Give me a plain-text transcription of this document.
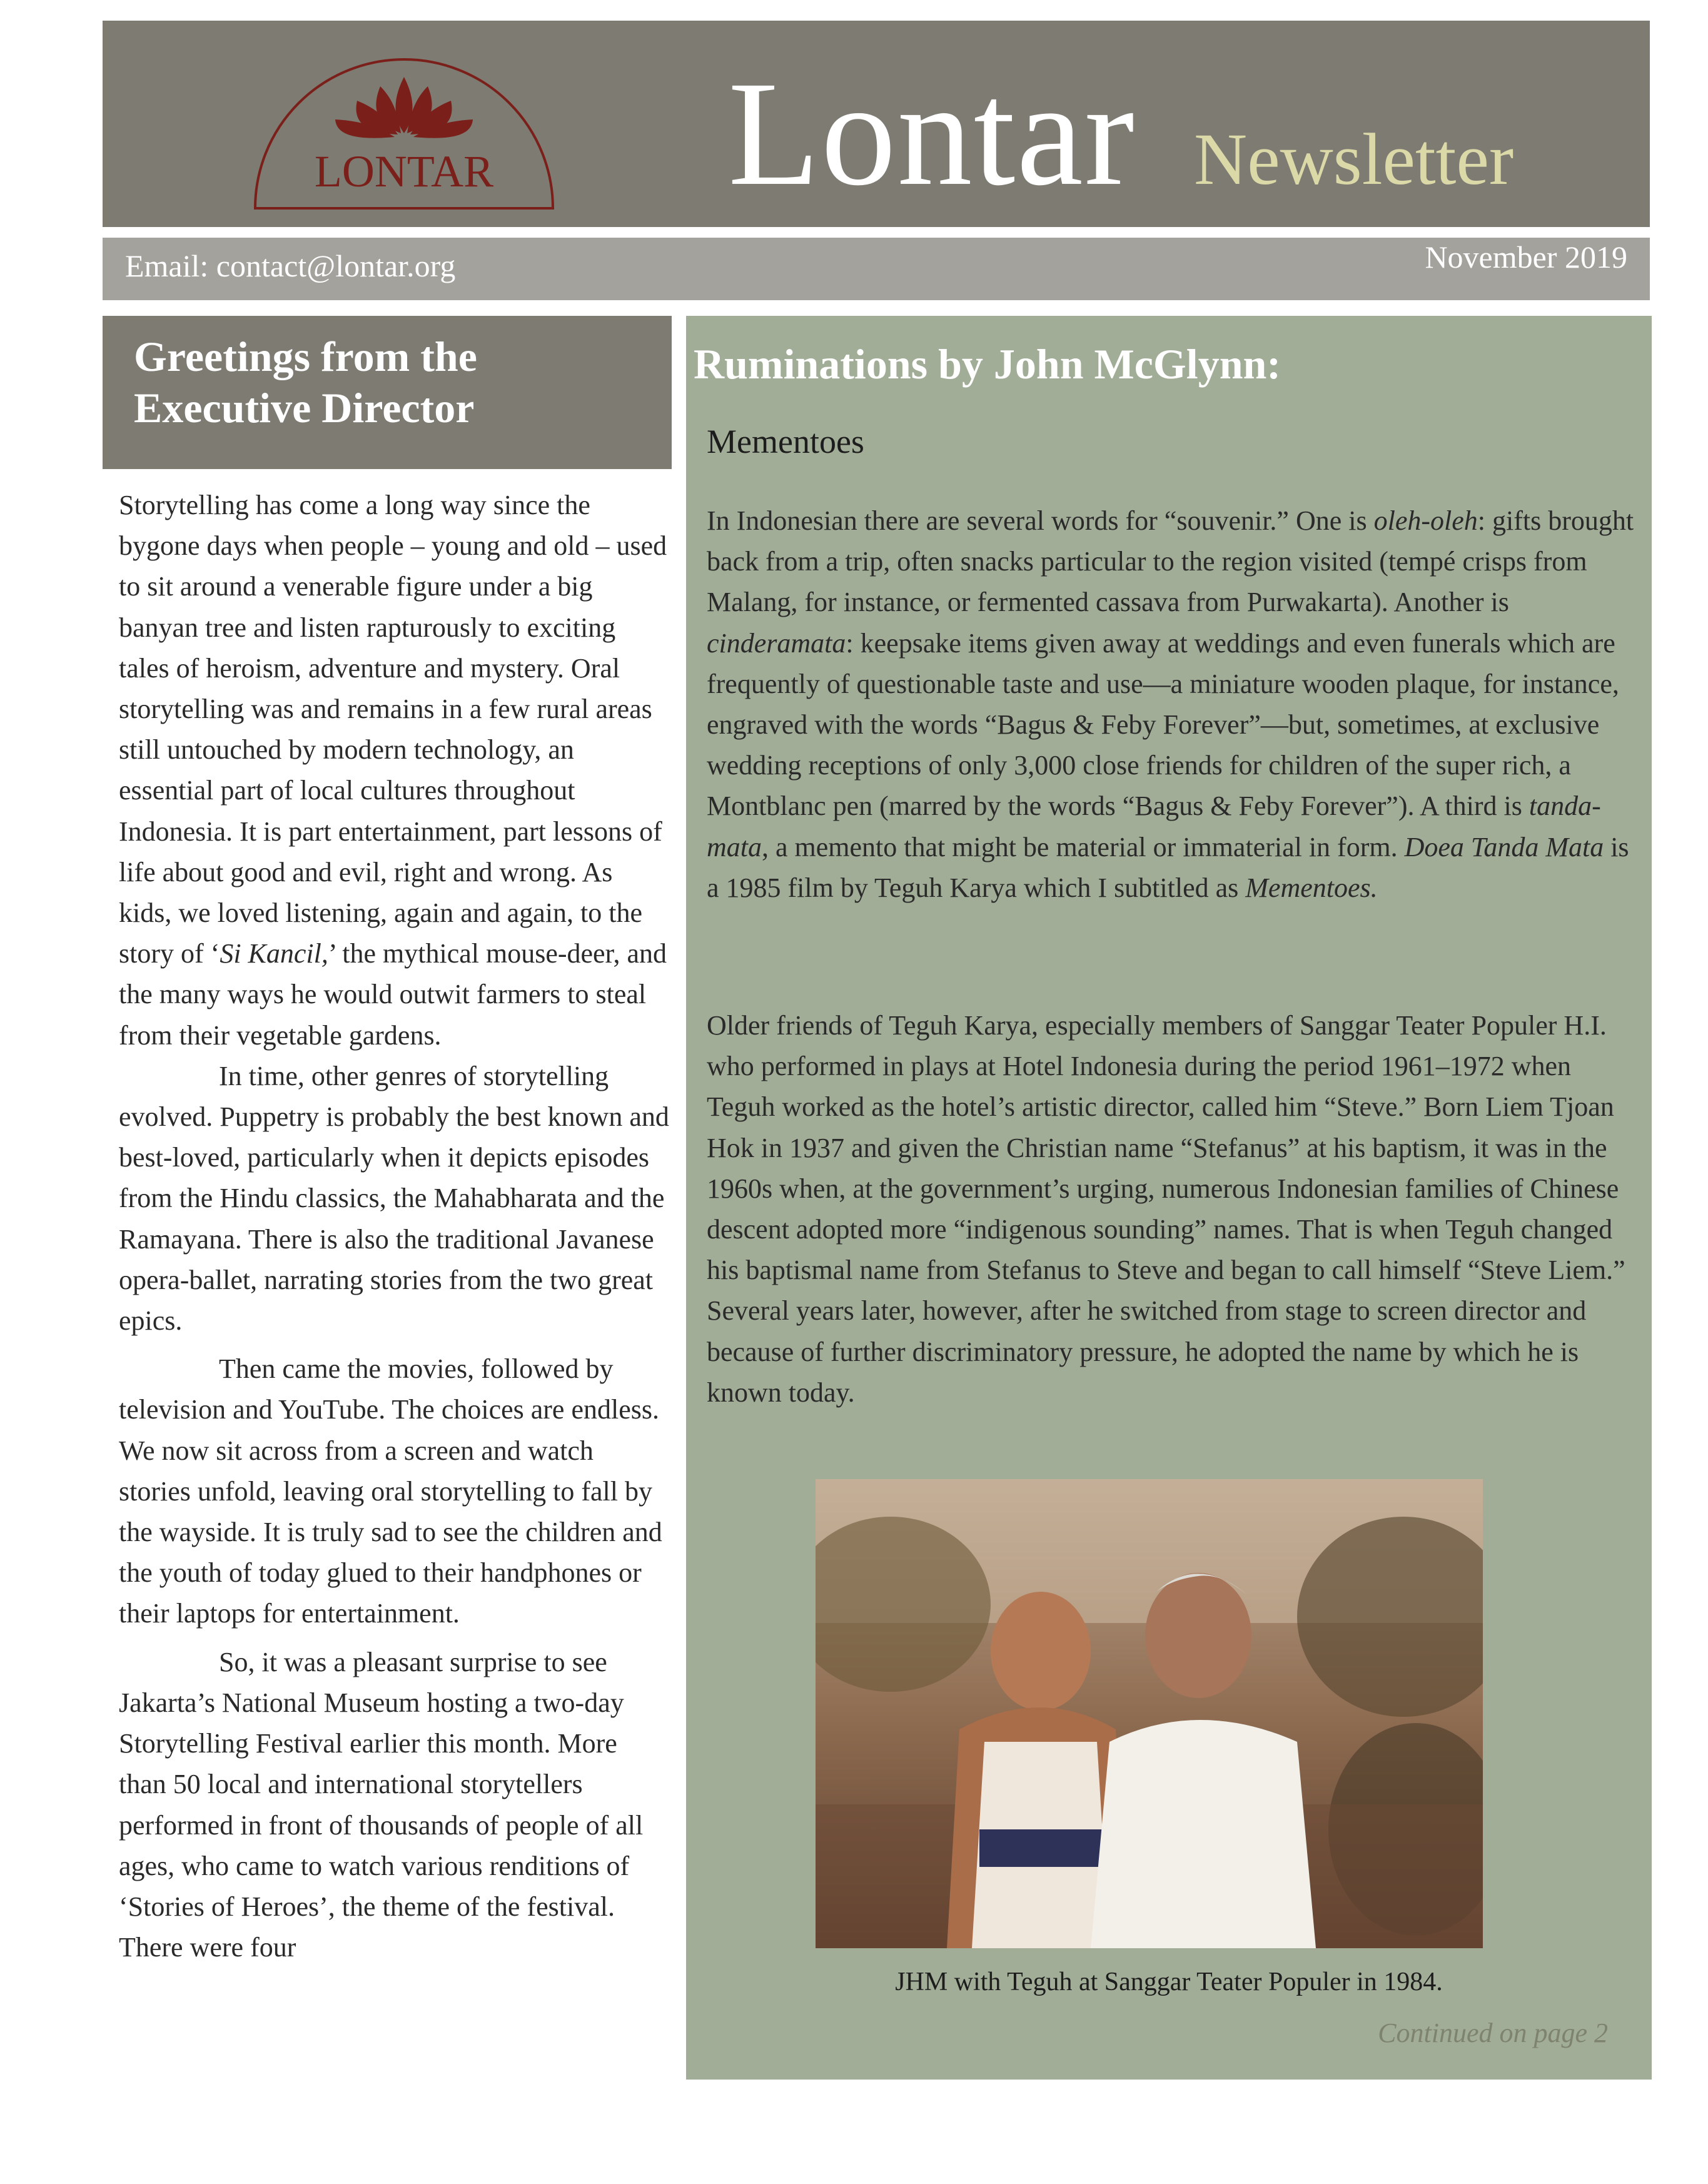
LONTAR Lontar Newsletter
Email: contact@lontar.org	November 2019
Greetings from the
Executive Director

Storytelling has come a long way since the bygone days when people – young and old – used to sit around a venerable figure under a big banyan tree and listen rapturously to exciting tales of heroism, adventure and mystery. Oral storytelling was and remains in a few rural areas still untouched by modern technology, an essential part of local cultures throughout Indonesia. It is part entertainment, part lessons of life about good and evil, right and wrong. As kids, we loved listening, again and again, to the story of ‘Si Kancil,’ the mythical mouse-deer, and the many ways he would outwit farmers to steal from their vegetable gardens.

In time, other genres of storytelling evolved. Puppetry is probably the best known and best-loved, particularly when it depicts episodes from the Hindu classics, the Mahabharata and the Ramayana. There is also the traditional Javanese opera-ballet, narrating stories from the two great epics.

Then came the movies, followed by television and YouTube. The choices are endless. We now sit across from a screen and watch stories unfold, leaving oral storytelling to fall by the wayside. It is truly sad to see the children and the youth of today glued to their handphones or their laptops for entertainment.

So, it was a pleasant surprise to see Jakarta’s National Museum hosting a two-day Storytelling Festival earlier this month. More than 50 local and international storytellers performed in front of thousands of people of all ages, who came to watch various renditions of ‘Stories of Heroes’, the theme of the festival. There were four

Ruminations by John McGlynn:
Mementoes

In Indonesian there are several words for “souvenir.” One is oleh-oleh: gifts brought back from a trip, often snacks particular to the region visited (tempé crisps from Malang, for instance, or fermented cassava from Purwakarta). Another is cinderamata: keepsake items given away at weddings and even funerals which are frequently of questionable taste and use—a miniature wooden plaque, for instance, engraved with the words “Bagus & Feby Forever”—but, sometimes, at exclusive wedding receptions of only 3,000 close friends for children of the super rich, a Montblanc pen (marred by the words “Bagus & Feby Forever”). A third is tanda-mata, a memento that might be material or immaterial in form. Doea Tanda Mata is a 1985 film by Teguh Karya which I subtitled as Mementoes.

Older friends of Teguh Karya, especially members of Sanggar Teater Populer H.I. who performed in plays at Hotel Indonesia during the period 1961–1972 when Teguh worked as the hotel’s artistic director, called him “Steve.” Born Liem Tjoan Hok in 1937 and given the Christian name “Stefanus” at his baptism, it was in the 1960s when, at the government’s urging, numerous Indonesian families of Chinese descent adopted more “indigenous sounding” names. That is when Teguh changed his baptismal name from Stefanus to Steve and began to call himself “Steve Liem.” Several years later, however, after he switched from stage to screen director and because of further discriminatory pressure, he adopted the name by which he is known today.

JHM with Teguh at Sanggar Teater Populer in 1984.
Continued on page 2
